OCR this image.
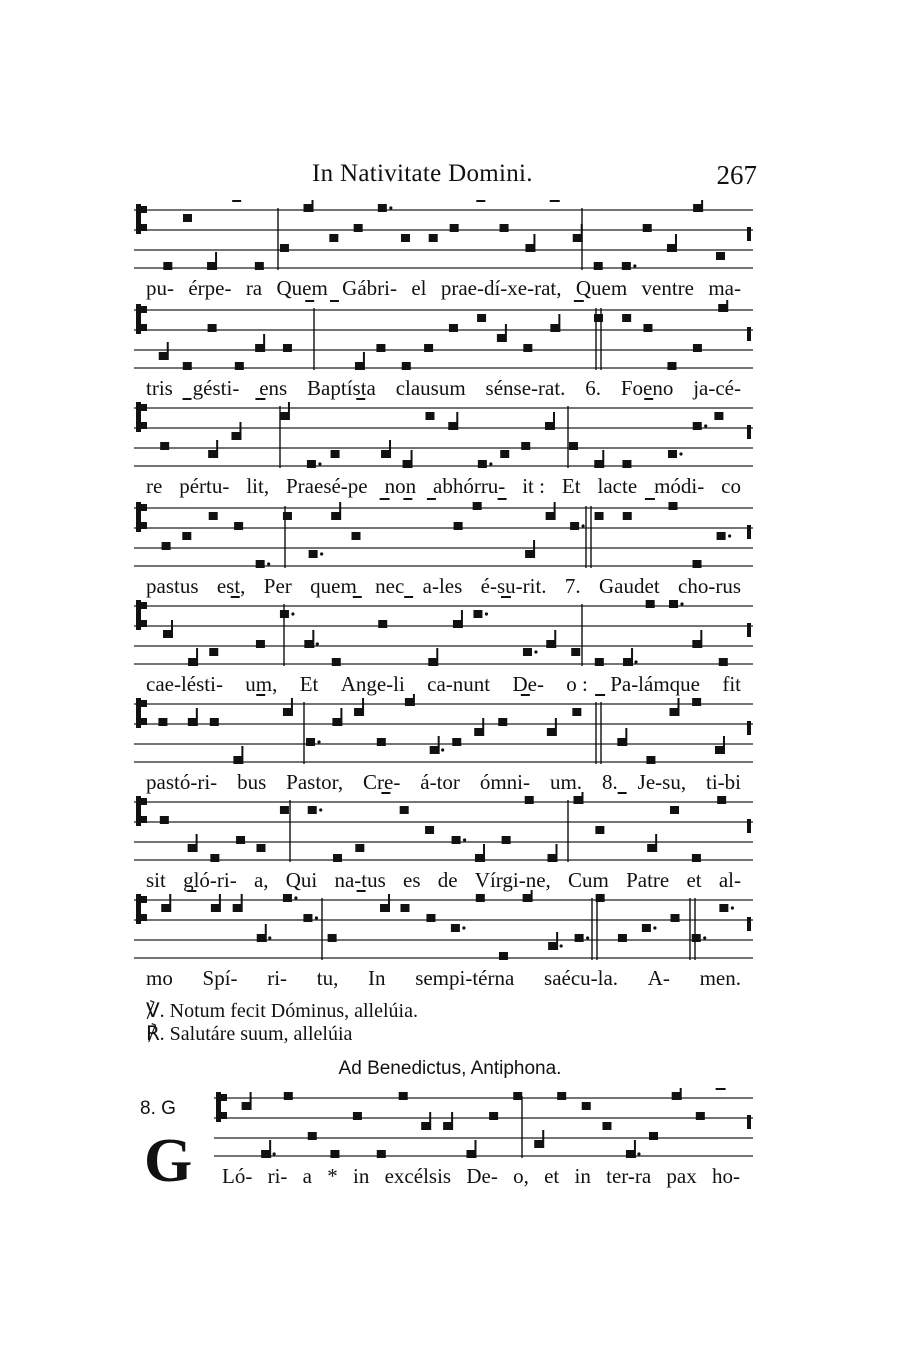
In Nativitate Domini.	267
pu- érpe- ra Quem Gábri- el prae-dí-xe-rat, Quem ventre ma-
tris gésti- ens Baptísta clausum sénse-rat. 6. Foeno ja-cé-
re pértu- lit, Praesé-pe non abhórru- it : Et lacte módi- co
pastus est, Per quem nec a-les é-su-rit. 7. Gaudet cho-rus
cae-lésti- um, Et Ange-li ca-nunt De- o : Pa-lámque fit
pastó-ri- bus Pastor, Cre- á-tor ómni- um. 8. Je-su, ti-bi
sit gló-ri- a, Qui na-tus es de Vírgi-ne, Cum Patre et al-
mo Spí- ri- tu, In sempi-térna saécu-la. A- men.
Ló- ri- a * in excélsis De- o, et in ter-ra pax ho-
℣. Notum fecit Dóminus, allelúia.
℟. Salutáre suum, allelúia
Ad Benedictus, Antiphona.
8. G
G
